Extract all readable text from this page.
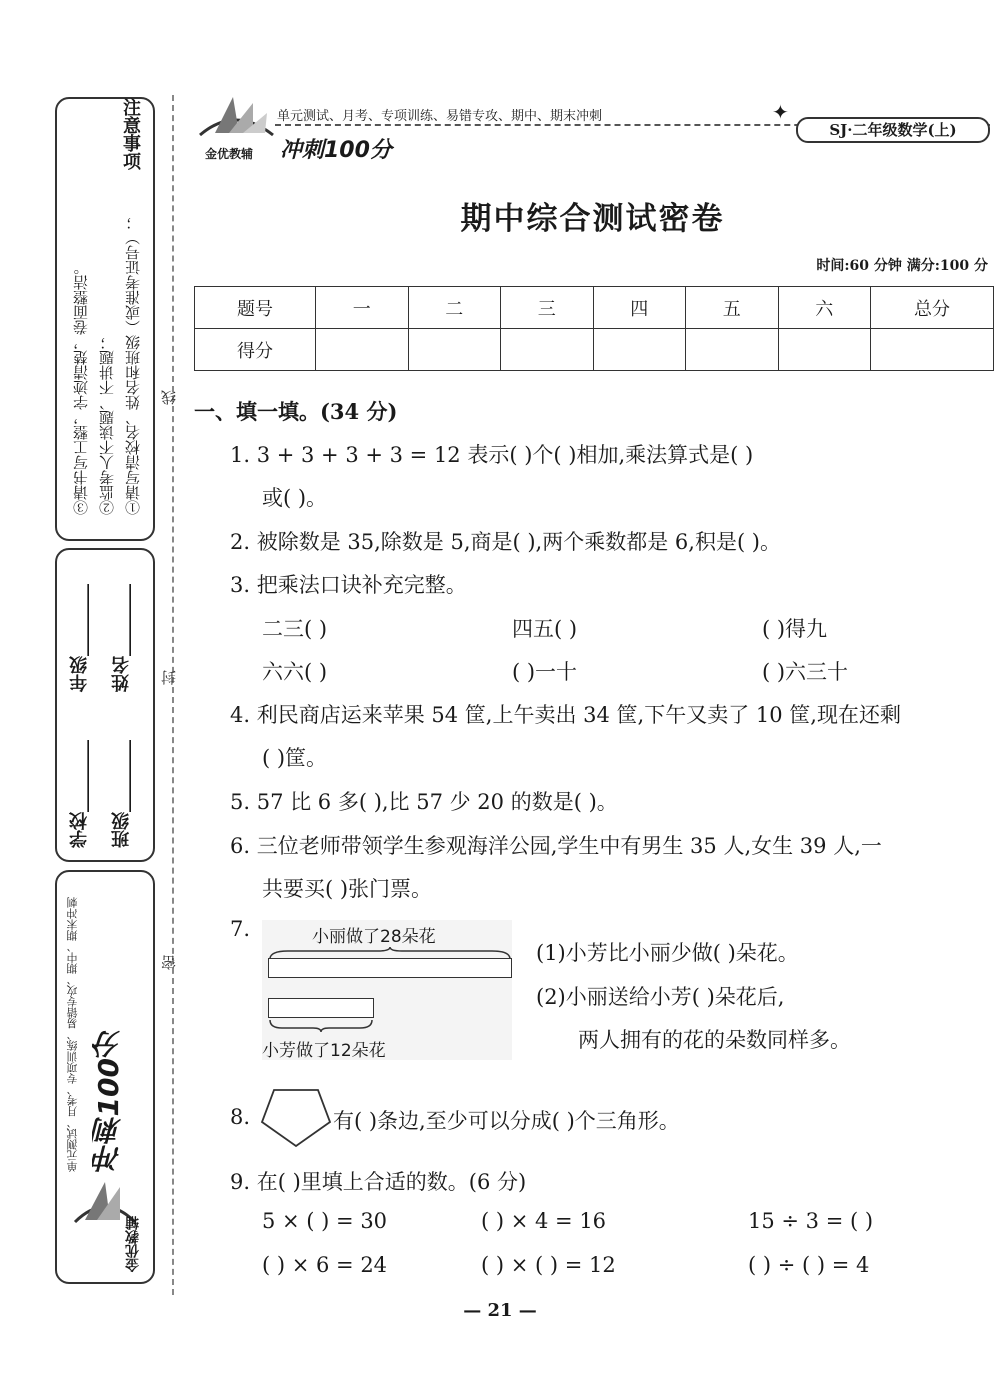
注意事项
①请写清校名、姓名和班级（或准考证号）；
②监考人不读题、不讲题；
③请书写工整，字迹清楚，卷面整洁。
学校________
年级________
班级________
姓名________
单元测试、月考、专项训练、易错专攻、期中、期末冲刺 冲刺100分
金优教辅
线
封
密
金优教辅
单元测试、月考、专项训练、易错专攻、期中、期末冲刺	✦
SJ·二年级数学(上)
冲刺100分
期中综合测试密卷
时间:60 分钟 满分:100 分
题号	一	二	三	四	五	六	总分
得分							
一、填一填。(34 分)
1. 3 + 3 + 3 + 3 = 12 表示( )个( )相加,乘法算式是( )
或( )。
2. 被除数是 35,除数是 5,商是( ),两个乘数都是 6,积是( )。
3. 把乘法口诀补充完整。
二三( )	四五( )	( )得九
六六( )	( )一十	( )六三十
4. 利民商店运来苹果 54 筐,上午卖出 34 筐,下午又卖了 10 筐,现在还剩
( )筐。
5. 57 比 6 多( ),比 57 少 20 的数是( )。
6. 三位老师带领学生参观海洋公园,学生中有男生 35 人,女生 39 人,一
共要买( )张门票。
7.	小丽做了28朵花
小芳做了12朵花
(1)小芳比小丽少做( )朵花。
(2)小丽送给小芳( )朵花后,
两人拥有的花的朵数同样多。
8.	有( )条边,至少可以分成( )个三角形。
9. 在( )里填上合适的数。(6 分)
5 × ( ) = 30	( ) × 4 = 16	15 ÷ 3 = ( )
( ) × 6 = 24	( ) × ( ) = 12	( ) ÷ ( ) = 4
— 21 —
